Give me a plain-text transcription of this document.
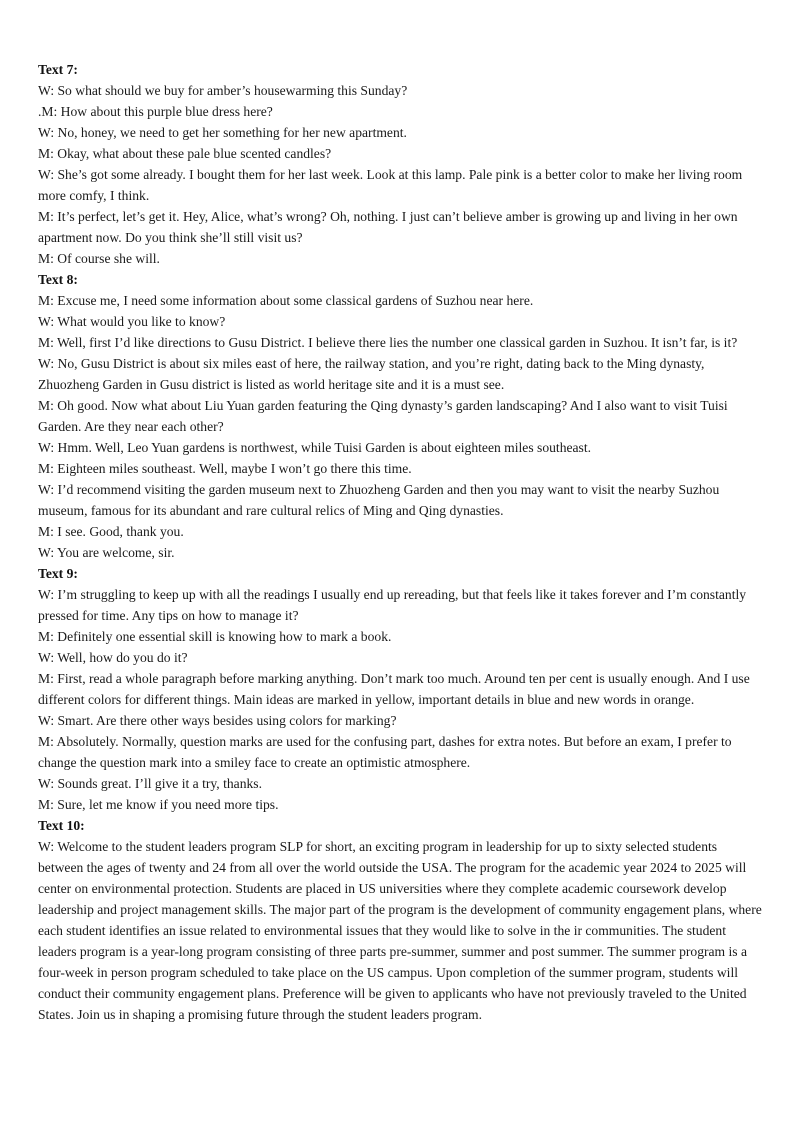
Text 7:

W: So what should we buy for amber’s housewarming this Sunday?

.M: How about this purple blue dress here?

W: No, honey, we need to get her something for her new apartment.

M: Okay, what about these pale blue scented candles?

W: She’s got some already. I bought them for her last week. Look at this lamp. Pale pink is a better color to make her living room more comfy, I think.

M: It’s perfect, let’s get it. Hey, Alice, what’s wrong? Oh, nothing. I just can’t believe amber is growing up and living in her own apartment now. Do you think she’ll still visit us?

M: Of course she will.

Text 8:

M: Excuse me, I need some information about some classical gardens of Suzhou near here.

W: What would you like to know?

M: Well, first I’d like directions to Gusu District. I believe there lies the number one classical garden in Suzhou. It isn’t far, is it?

W: No, Gusu District is about six miles east of here, the railway station, and you’re right, dating back to the Ming dynasty, Zhuozheng Garden in Gusu district is listed as world heritage site and it is a must see.

M: Oh good. Now what about Liu Yuan garden featuring the Qing dynasty’s garden landscaping? And I also want to visit Tuisi Garden. Are they near each other?

W: Hmm. Well, Leo Yuan gardens is northwest, while Tuisi Garden is about eighteen miles southeast.

M: Eighteen miles southeast. Well, maybe I won’t go there this time.

W: I’d recommend visiting the garden museum next to Zhuozheng Garden and then you may want to visit the nearby Suzhou museum, famous for its abundant and rare cultural relics of Ming and Qing dynasties.

M: I see. Good, thank you.

W: You are welcome, sir.

Text 9:

W: I’m struggling to keep up with all the readings I usually end up rereading, but that feels like it takes forever and I’m constantly pressed for time. Any tips on how to manage it?

M: Definitely one essential skill is knowing how to mark a book.

W: Well, how do you do it?

M: First, read a whole paragraph before marking anything. Don’t mark too much. Around ten per cent is usually enough. And I use different colors for different things. Main ideas are marked in yellow, important details in blue and new words in orange.

W: Smart. Are there other ways besides using colors for marking?

M: Absolutely. Normally, question marks are used for the confusing part, dashes for extra notes. But before an exam, I prefer to change the question mark into a smiley face to create an optimistic atmosphere.

W: Sounds great. I’ll give it a try, thanks.

M: Sure, let me know if you need more tips.

Text 10:

W: Welcome to the student leaders program SLP for short, an exciting program in leadership for up to sixty selected students between the ages of twenty and 24 from all over the world outside the USA. The program for the academic year 2024 to 2025 will center on environmental protection. Students are placed in US universities where they complete academic coursework develop leadership and project management skills. The major part of the program is the development of community engagement plans, where each student identifies an issue related to environmental issues that they would like to solve in the ir communities. The student leaders program is a year-long program consisting of three parts pre-summer, summer and post summer. The summer program is a four-week in person program scheduled to take place on the US campus. Upon completion of the summer program, students will conduct their community engagement plans. Preference will be given to applicants who have not previously traveled to the United States. Join us in shaping a promising future through the student leaders program.
